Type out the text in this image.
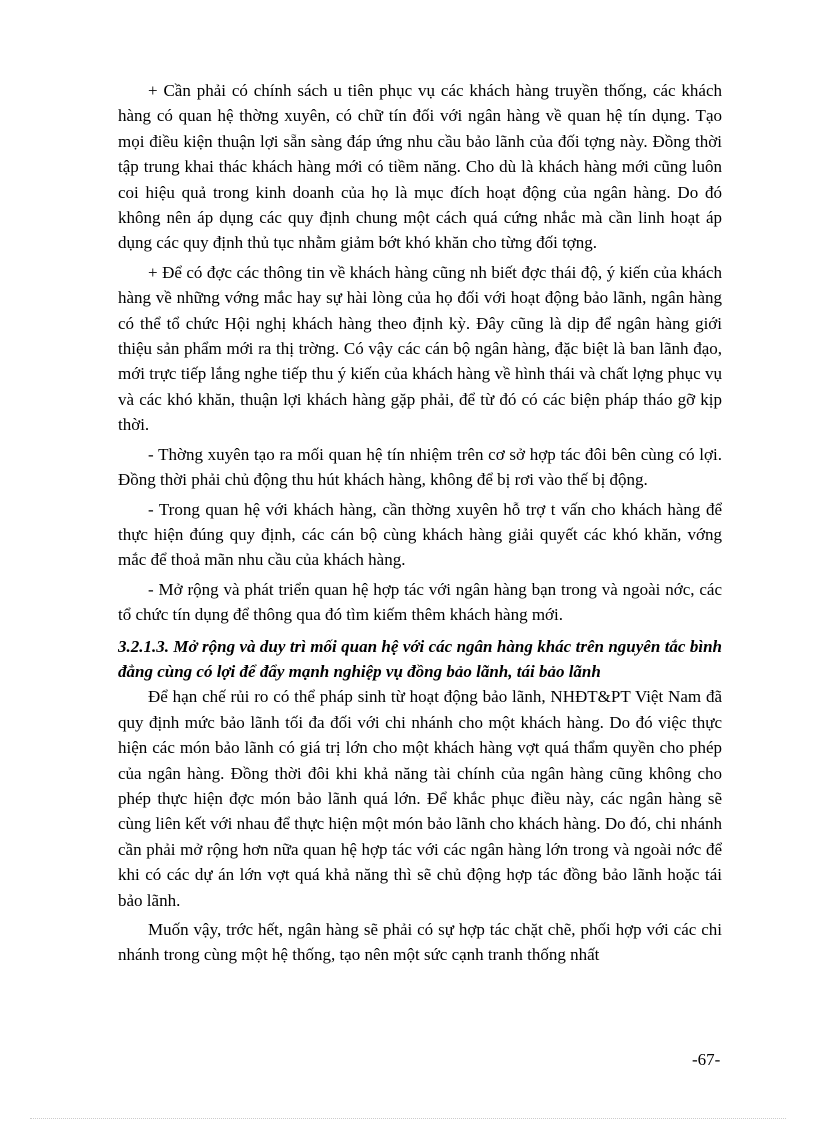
+ Cần phải có chính sách u tiên phục vụ các khách hàng truyền thống, các khách hàng có quan hệ thờng xuyên, có chữ tín đối với ngân hàng về quan hệ tín dụng. Tạo mọi điều kiện thuận lợi sẵn sàng đáp ứng nhu cầu bảo lãnh của đối tợng này. Đồng thời tập trung khai thác khách hàng mới có tiềm năng. Cho dù là khách hàng mới cũng luôn coi hiệu quả trong kinh doanh của họ là mục đích hoạt động của ngân hàng. Do đó không nên áp dụng các quy định chung một cách quá cứng nhắc mà cần linh hoạt áp dụng các quy định thủ tục nhằm giảm bớt khó khăn cho từng đối tợng.

+ Để có đợc các thông tin về khách hàng cũng nh biết đợc thái độ, ý kiến của khách hàng về những vớng mắc hay sự hài lòng của họ đối với hoạt động bảo lãnh, ngân hàng có thể tổ chức Hội nghị khách hàng theo định kỳ. Đây cũng là dịp để ngân hàng giới thiệu sản phẩm mới ra thị trờng. Có vậy các cán bộ ngân hàng, đặc biệt là ban lãnh đạo, mới trực tiếp lắng nghe tiếp thu ý kiến của khách hàng về hình thái và chất lợng phục vụ và các khó khăn, thuận lợi khách hàng gặp phải, để từ đó có các biện pháp tháo gỡ kịp thời.

- Thờng xuyên tạo ra mối quan hệ tín nhiệm trên cơ sở hợp tác đôi bên cùng có lợi. Đồng thời phải chủ động thu hút khách hàng, không để bị rơi vào thế bị động.

- Trong quan hệ với khách hàng, cần thờng xuyên hỗ trợ t vấn cho khách hàng để thực hiện đúng quy định, các cán bộ cùng khách hàng giải quyết các khó khăn, vớng mắc để thoả mãn nhu cầu của khách hàng.

- Mở rộng và phát triển quan hệ hợp tác với ngân hàng bạn trong và ngoài nớc, các tổ chức tín dụng để thông qua đó tìm kiếm thêm khách hàng mới.

3.2.1.3. Mở rộng và duy trì mối quan hệ với các ngân hàng khác trên nguyên tắc bình đẳng cùng có lợi để đẩy mạnh nghiệp vụ đồng bảo lãnh, tái bảo lãnh

Để hạn chế rủi ro có thể pháp sinh từ hoạt động bảo lãnh, NHĐT&PT Việt Nam đã quy định mức bảo lãnh tối đa đối với chi nhánh cho một khách hàng. Do đó việc thực hiện các món bảo lãnh có giá trị lớn cho một khách hàng vợt quá thẩm quyền cho phép của ngân hàng. Đồng thời đôi khi khả năng tài chính của ngân hàng cũng không cho phép thực hiện đợc món bảo lãnh quá lớn. Để khắc phục điều này, các ngân hàng sẽ cùng liên kết với nhau để thực hiện một món bảo lãnh cho khách hàng. Do đó, chi nhánh cần phải mở rộng hơn nữa quan hệ hợp tác với các ngân hàng lớn trong và ngoài nớc để khi có các dự án lớn vợt quá khả năng thì sẽ chủ động hợp tác đồng bảo lãnh hoặc tái bảo lãnh.

Muốn vậy, trớc hết, ngân hàng sẽ phải có sự hợp tác chặt chẽ, phối hợp với các chi nhánh trong cùng một hệ thống, tạo nên một sức cạnh tranh thống nhất

-67-
